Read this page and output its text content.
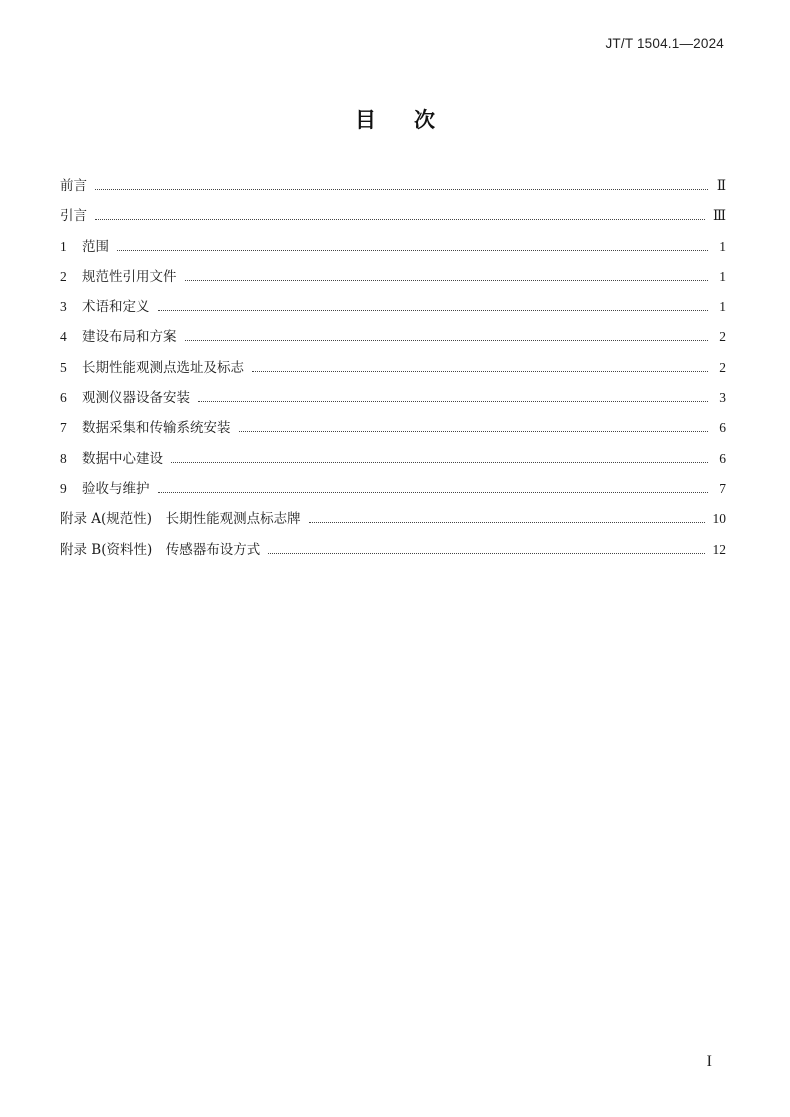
JT/T 1504.1—2024
目次
前言	Ⅱ
引言	Ⅲ
1	范围	1
2	规范性引用文件	1
3	术语和定义	1
4	建设布局和方案	2
5	长期性能观测点选址及标志	2
6	观测仪器设备安装	3
7	数据采集和传输系统安装	6
8	数据中心建设	6
9	验收与维护	7
附录 A(规范性)　长期性能观测点标志牌	10
附录 B(资料性)　传感器布设方式	12
I
